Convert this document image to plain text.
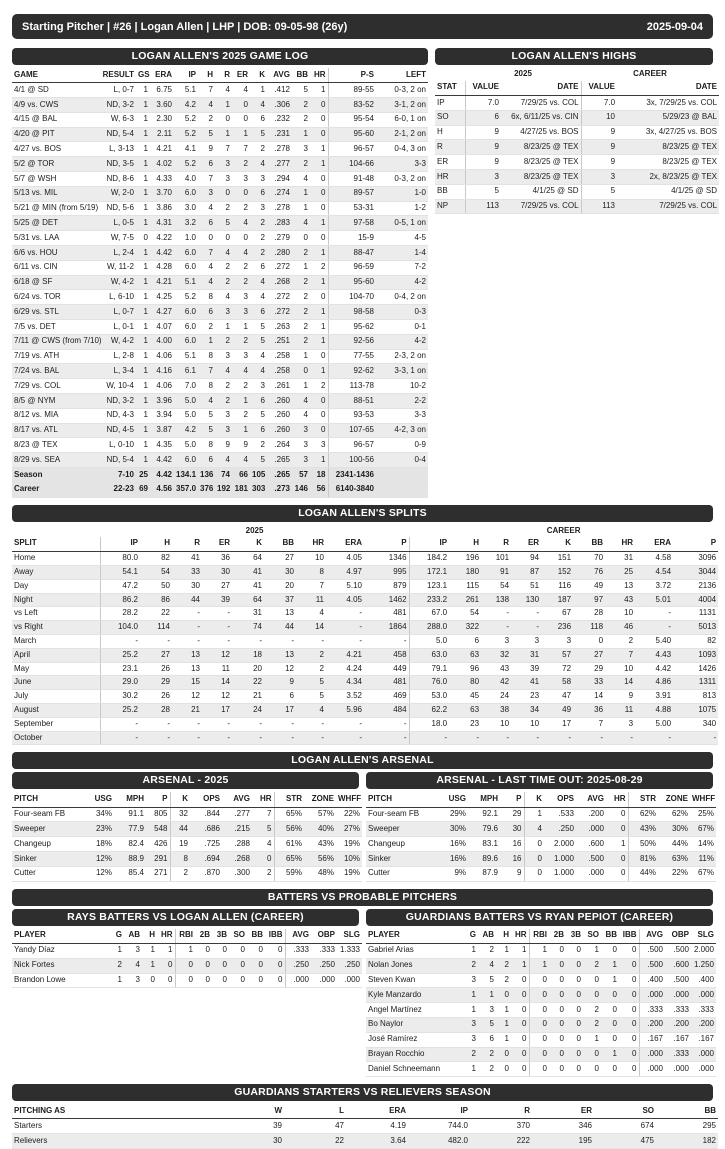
Starting Pitcher | #26 | Logan Allen | LHP | DOB: 09-05-98 (26y)	2025-09-04
LOGAN ALLEN'S 2025 GAME LOG
GAME	RESULT	GS	ERA	IP	H	R	ER	K	AVG	BB	HR	P-S	LEFT
4/1 @ SD	L, 0-7	1	6.75	5.1	7	4	4	1	.412	5	1	89-55	0-3, 2 on
4/9 vs. CWS	ND, 3-2	1	3.60	4.2	4	1	0	4	.306	2	0	83-52	3-1, 2 on
4/15 @ BAL	W, 6-3	1	2.30	5.2	2	0	0	6	.232	2	0	95-54	6-0, 1 on
4/20 @ PIT	ND, 5-4	1	2.11	5.2	5	1	1	5	.231	1	0	95-60	2-1, 2 on
4/27 vs. BOS	L, 3-13	1	4.21	4.1	9	7	7	2	.278	3	1	96-57	0-4, 3 on
5/2 @ TOR	ND, 3-5	1	4.02	5.2	6	3	2	4	.277	2	1	104-66	3-3
5/7 @ WSH	ND, 8-6	1	4.33	4.0	7	3	3	3	.294	4	0	91-48	0-3, 2 on
5/13 vs. MIL	W, 2-0	1	3.70	6.0	3	0	0	6	.274	1	0	89-57	1-0
5/21 @ MIN (from 5/19)	ND, 5-6	1	3.86	3.0	4	2	2	3	.278	1	0	53-31	1-2
5/25 @ DET	L, 0-5	1	4.31	3.2	6	5	4	2	.283	4	1	97-58	0-5, 1 on
5/31 vs. LAA	W, 7-5	0	4.22	1.0	0	0	0	2	.279	0	0	15-9	4-5
6/6 vs. HOU	L, 2-4	1	4.42	6.0	7	4	4	2	.280	2	1	88-47	1-4
6/11 vs. CIN	W, 11-2	1	4.28	6.0	4	2	2	6	.272	1	2	96-59	7-2
6/18 @ SF	W, 4-2	1	4.21	5.1	4	2	2	4	.268	2	1	95-60	4-2
6/24 vs. TOR	L, 6-10	1	4.25	5.2	8	4	3	4	.272	2	0	104-70	0-4, 2 on
6/29 vs. STL	L, 0-7	1	4.27	6.0	6	3	3	6	.272	2	1	98-58	0-3
7/5 vs. DET	L, 0-1	1	4.07	6.0	2	1	1	5	.263	2	1	95-62	0-1
7/11 @ CWS (from 7/10)	W, 4-2	1	4.00	6.0	1	2	2	5	.251	2	1	92-56	4-2
7/19 vs. ATH	L, 2-8	1	4.06	5.1	8	3	3	4	.258	1	0	77-55	2-3, 2 on
7/24 vs. BAL	L, 3-4	1	4.16	6.1	7	4	4	4	.258	0	1	92-62	3-3, 1 on
7/29 vs. COL	W, 10-4	1	4.06	7.0	8	2	2	3	.261	1	2	113-78	10-2
8/5 @ NYM	ND, 3-2	1	3.96	5.0	4	2	1	6	.260	4	0	88-51	2-2
8/12 vs. MIA	ND, 4-3	1	3.94	5.0	5	3	2	5	.260	4	0	93-53	3-3
8/17 vs. ATL	ND, 4-5	1	3.87	4.2	5	3	1	6	.260	3	0	107-65	4-2, 3 on
8/23 @ TEX	L, 0-10	1	4.35	5.0	8	9	9	2	.264	3	3	96-57	0-9
8/29 vs. SEA	ND, 5-4	1	4.42	6.0	6	4	4	5	.265	3	1	100-56	0-4
Season	7-10	25	4.42	134.1	136	74	66	105	.265	57	18	2341-1436	
Career	22-23	69	4.56	357.0	376	192	181	303	.273	146	56	6140-3840	
LOGAN ALLEN'S HIGHS
	2025		CAREER	
STAT	VALUE	DATE	VALUE	DATE
IP	7.0	7/29/25 vs. COL	7.0	3x, 7/29/25 vs. COL
SO	6	6x, 6/11/25 vs. CIN	10	5/29/23 @ BAL
H	9	4/27/25 vs. BOS	9	3x, 4/27/25 vs. BOS
R	9	8/23/25 @ TEX	9	8/23/25 @ TEX
ER	9	8/23/25 @ TEX	9	8/23/25 @ TEX
HR	3	8/23/25 @ TEX	3	2x, 8/23/25 @ TEX
BB	5	4/1/25 @ SD	5	4/1/25 @ SD
NP	113	7/29/25 vs. COL	113	7/29/25 vs. COL
LOGAN ALLEN'S SPLITS
	2025									CAREER								
SPLIT	IP	H	R	ER	K	BB	HR	ERA	P	IP	H	R	ER	K	BB	HR	ERA	P
Home	80.0	82	41	36	64	27	10	4.05	1346	184.2	196	101	94	151	70	31	4.58	3096
Away	54.1	54	33	30	41	30	8	4.97	995	172.1	180	91	87	152	76	25	4.54	3044
Day	47.2	50	30	27	41	20	7	5.10	879	123.1	115	54	51	116	49	13	3.72	2136
Night	86.2	86	44	39	64	37	11	4.05	1462	233.2	261	138	130	187	97	43	5.01	4004
vs Left	28.2	22	-	-	31	13	4	-	481	67.0	54	-	-	67	28	10	-	1131
vs Right	104.0	114	-	-	74	44	14	-	1864	288.0	322	-	-	236	118	46	-	5013
March	-	-	-	-	-	-	-	-	-	5.0	6	3	3	3	0	2	5.40	82
April	25.2	27	13	12	18	13	2	4.21	458	63.0	63	32	31	57	27	7	4.43	1093
May	23.1	26	13	11	20	12	2	4.24	449	79.1	96	43	39	72	29	10	4.42	1426
June	29.0	29	15	14	22	9	5	4.34	481	76.0	80	42	41	58	33	14	4.86	1311
July	30.2	26	12	12	21	6	5	3.52	469	53.0	45	24	23	47	14	9	3.91	813
August	25.2	28	21	17	24	17	4	5.96	484	62.2	63	38	34	49	36	11	4.88	1075
September	-	-	-	-	-	-	-	-	-	18.0	23	10	10	17	7	3	5.00	340
October	-	-	-	-	-	-	-	-	-	-	-	-	-	-	-	-	-	-
LOGAN ALLEN'S ARSENAL
ARSENAL - 2025
PITCH	USG	MPH	P	K	OPS	AVG	HR	STR	ZONE	WHFF
Four-seam FB	34%	91.1	805	32	.844	.277	7	65%	57%	22%
Sweeper	23%	77.9	548	44	.686	.215	5	56%	40%	27%
Changeup	18%	82.4	426	19	.725	.288	4	61%	43%	19%
Sinker	12%	88.9	291	8	.694	.268	0	65%	56%	10%
Cutter	12%	85.4	271	2	.870	.300	2	59%	48%	19%
ARSENAL - LAST TIME OUT: 2025-08-29
PITCH	USG	MPH	P	K	OPS	AVG	HR	STR	ZONE	WHFF
Four-seam FB	29%	92.1	29	1	.533	.200	0	62%	62%	25%
Sweeper	30%	79.6	30	4	.250	.000	0	43%	30%	67%
Changeup	16%	83.1	16	0	2.000	.600	1	50%	44%	14%
Sinker	16%	89.6	16	0	1.000	.500	0	81%	63%	11%
Cutter	9%	87.9	9	0	1.000	.000	0	44%	22%	67%
BATTERS VS PROBABLE PITCHERS
RAYS BATTERS VS LOGAN ALLEN (CAREER)
PLAYER	G	AB	H	HR	RBI	2B	3B	SO	BB	IBB	AVG	OBP	SLG
Yandy Díaz	1	3	1	1	1	0	0	0	0	0	.333	.333	1.333
Nick Fortes	2	4	1	0	0	0	0	0	0	0	.250	.250	.250
Brandon Lowe	1	3	0	0	0	0	0	0	0	0	.000	.000	.000
GUARDIANS BATTERS VS RYAN PEPIOT (CAREER)
PLAYER	G	AB	H	HR	RBI	2B	3B	SO	BB	IBB	AVG	OBP	SLG
Gabriel Arias	1	2	1	1	1	0	0	1	0	0	.500	.500	2.000
Nolan Jones	2	4	2	1	1	0	0	2	1	0	.500	.600	1.250
Steven Kwan	3	5	2	0	0	0	0	0	1	0	.400	.500	.400
Kyle Manzardo	1	1	0	0	0	0	0	0	0	0	.000	.000	.000
Angel Martínez	1	3	1	0	0	0	0	2	0	0	.333	.333	.333
Bo Naylor	3	5	1	0	0	0	0	2	0	0	.200	.200	.200
José Ramírez	3	6	1	0	0	0	0	1	0	0	.167	.167	.167
Brayan Rocchio	2	2	0	0	0	0	0	0	1	0	.000	.333	.000
Daniel Schneemann	1	2	0	0	0	0	0	0	0	0	.000	.000	.000
GUARDIANS STARTERS VS RELIEVERS SEASON
PITCHING AS	W	L	ERA	IP	R	ER	SO	BB
Starters	39	47	4.19	744.0	370	346	674	295
Relievers	30	22	3.64	482.0	222	195	475	182
